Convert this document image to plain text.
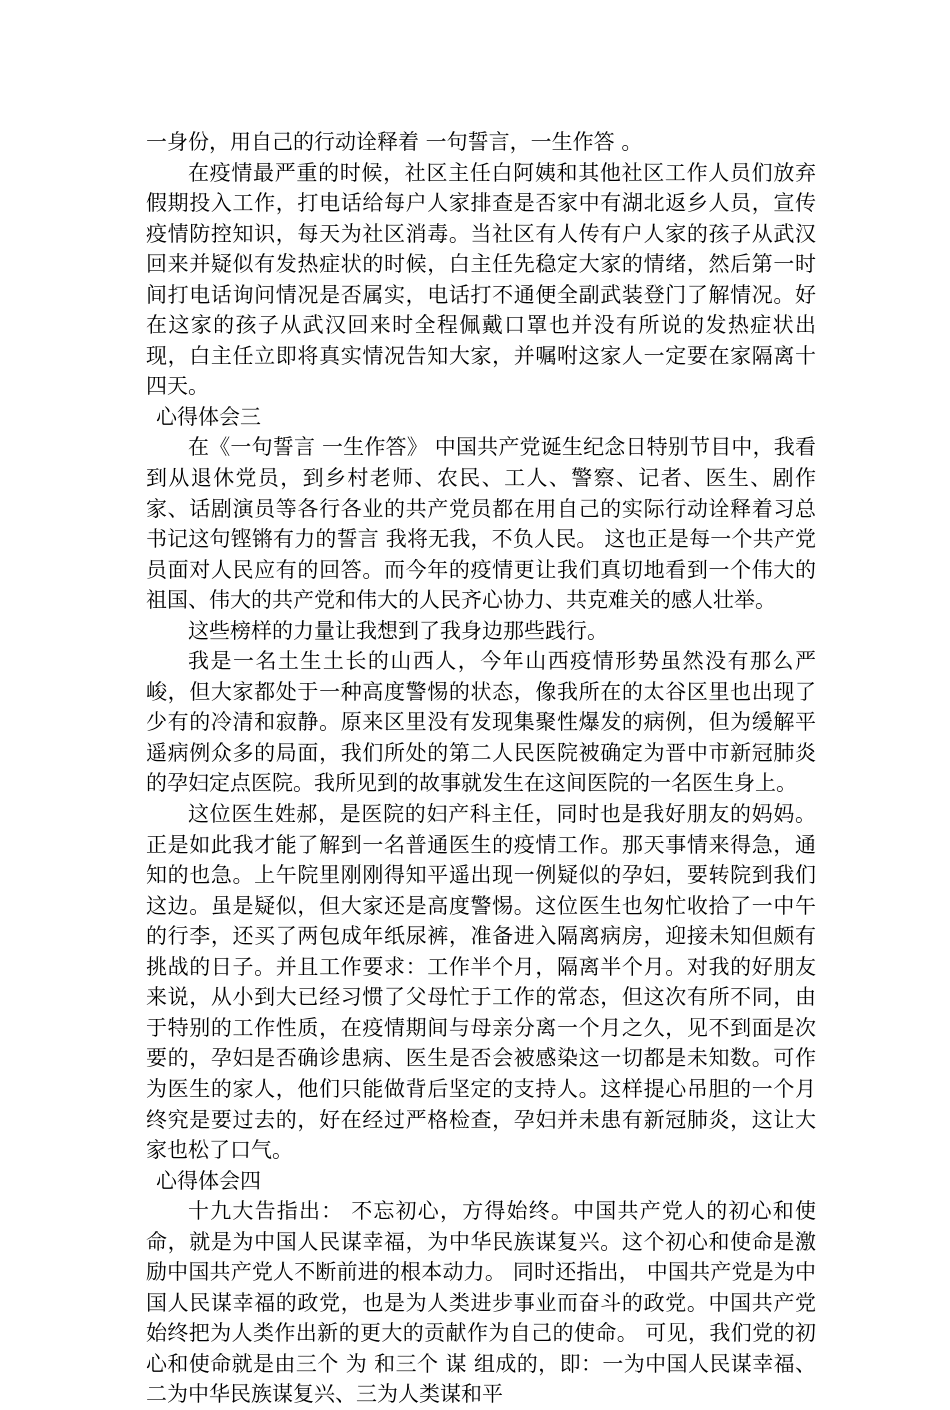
一身份，用自己的行动诠释着 一句誓言，一生作答 。

在疫情最严重的时候，社区主任白阿姨和其他社区工作人员们放弃假期投入工作，打电话给每户人家排查是否家中有湖北返乡人员，宣传疫情防控知识，每天为社区消毒。当社区有人传有户人家的孩子从武汉回来并疑似有发热症状的时候，白主任先稳定大家的情绪，然后第一时间打电话询问情况是否属实，电话打不通便全副武装登门了解情况。好在这家的孩子从武汉回来时全程佩戴口罩也并没有所说的发热症状出现，白主任立即将真实情况告知大家，并嘱咐这家人一定要在家隔离十四天。

心得体会三

在《一句誓言 一生作答》 中国共产党诞生纪念日特别节目中，我看到从退休党员，到乡村老师、农民、工人、警察、记者、医生、剧作家、话剧演员等各行各业的共产党员都在用自己的实际行动诠释着习总书记这句铿锵有力的誓言 我将无我，不负人民。 这也正是每一个共产党员面对人民应有的回答。而今年的疫情更让我们真切地看到一个伟大的祖国、伟大的共产党和伟大的人民齐心协力、共克难关的感人壮举。

这些榜样的力量让我想到了我身边那些践行。

我是一名土生土长的山西人，今年山西疫情形势虽然没有那么严峻，但大家都处于一种高度警惕的状态，像我所在的太谷区里也出现了少有的冷清和寂静。原来区里没有发现集聚性爆发的病例，但为缓解平遥病例众多的局面，我们所处的第二人民医院被确定为晋中市新冠肺炎的孕妇定点医院。我所见到的故事就发生在这间医院的一名医生身上。

这位医生姓郝，是医院的妇产科主任，同时也是我好朋友的妈妈。正是如此我才能了解到一名普通医生的疫情工作。那天事情来得急，通知的也急。上午院里刚刚得知平遥出现一例疑似的孕妇，要转院到我们这边。虽是疑似，但大家还是高度警惕。这位医生也匆忙收拾了一中午的行李，还买了两包成年纸尿裤，准备进入隔离病房，迎接未知但颇有挑战的日子。并且工作要求：工作半个月，隔离半个月。对我的好朋友来说，从小到大已经习惯了父母忙于工作的常态，但这次有所不同，由于特别的工作性质，在疫情期间与母亲分离一个月之久，见不到面是次要的，孕妇是否确诊患病、医生是否会被感染这一切都是未知数。可作为医生的家人，他们只能做背后坚定的支持人。这样提心吊胆的一个月终究是要过去的，好在经过严格检查，孕妇并未患有新冠肺炎，这让大家也松了口气。

心得体会四

十九大告指出： 不忘初心，方得始终。中国共产党人的初心和使命，就是为中国人民谋幸福，为中华民族谋复兴。这个初心和使命是激励中国共产党人不断前进的根本动力。 同时还指出， 中国共产党是为中国人民谋幸福的政党，也是为人类进步事业而奋斗的政党。中国共产党始终把为人类作出新的更大的贡献作为自己的使命。 可见，我们党的初心和使命就是由三个 为 和三个 谋 组成的，即：一为中国人民谋幸福、二为中华民族谋复兴、三为人类谋和平
